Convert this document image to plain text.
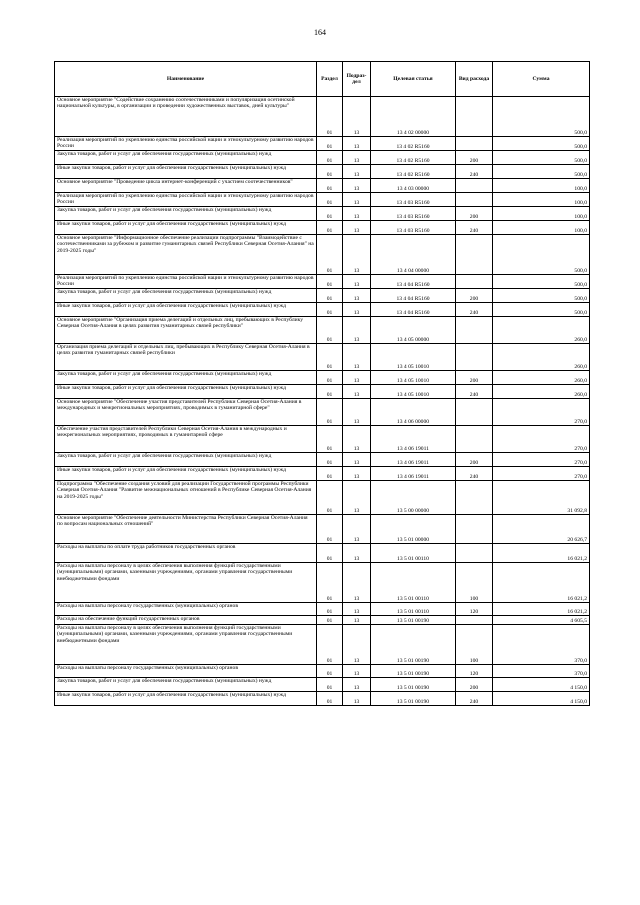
164
Наименование	Раздел	Подраз-дел	Целевая статья	Вид расхода	Сумма
Основное мероприятие "Содействие сохранению соотечественниками и популяризация осетинской национальной культуры, в организации и проведении художественных выставок, дней культуры"	01	13	13 4 02 00000		500,0
Реализация мероприятий по укреплению единства российской нации и этнокультурному развитию народов России	01	13	13 4 02 R5160		500,0
Закупка товаров, работ и услуг для обеспечения государственных (муниципальных) нужд	01	13	13 4 02 R5160	200	500,0
Иные закупки товаров, работ и услуг для обеспечения государственных (муниципальных) нужд	01	13	13 4 02 R5160	240	500,0
Основное мероприятие "Проведение цикла интернет-конференций с участием соотечественников"	01	13	13 4 03 00000		100,0
Реализация мероприятий по укреплению единства российской нации и этнокультурному развитию народов России	01	13	13 4 03 R5160		100,0
Закупка товаров, работ и услуг для обеспечения государственных (муниципальных) нужд	01	13	13 4 03 R5160	200	100,0
Иные закупки товаров, работ и услуг для обеспечения государственных (муниципальных) нужд	01	13	13 4 03 R5160	240	100,0
Основное мероприятие "Информационное обеспечение реализации подпрограммы "Взаимодействие с соотечественниками за рубежом и развитие гуманитарных связей Республики Северная Осетия-Алания" на 2019-2025 годы"	01	13	13 4 04 00000		500,0
Реализация мероприятий по укреплению единства российской нации и этнокультурному развитию народов России	01	13	13 4 04 R5160		500,0
Закупка товаров, работ и услуг для обеспечения государственных (муниципальных) нужд	01	13	13 4 04 R5160	200	500,0
Иные закупки товаров, работ и услуг для обеспечения государственных (муниципальных) нужд	01	13	13 4 04 R5160	240	500,0
Основное мероприятие "Организация приема делегаций и отдельных лиц, пребывающих в Республику Северная Осетия-Алания в целях развития гуманитарных связей республики"	01	13	13 4 05 00000		260,0
Организация приема делегаций и отдельных лиц, пребывающих в Республику Северная Осетия-Алания в целях развития гуманитарных связей республики	01	13	13 4 05 10010		260,0
Закупка товаров, работ и услуг для обеспечения государственных (муниципальных) нужд	01	13	13 4 05 10010	200	260,0
Иные закупки товаров, работ и услуг для обеспечения государственных (муниципальных) нужд	01	13	13 4 05 10010	240	260,0
Основное мероприятие "Обеспечение участия представителей Республики Северная Осетия-Алания в международных и межрегиональных мероприятиях, проводимых в гуманитарной сфере"	01	13	13 4 06 00000		270,0
Обеспечение участия представителей Республики Северная Осетия-Алания в международных и межрегиональных мероприятиях, проводимых в гуманитарной сфере	01	13	13 4 06 19011		270,0
Закупка товаров, работ и услуг для обеспечения государственных (муниципальных) нужд	01	13	13 4 06 19011	200	270,0
Иные закупки товаров, работ и услуг для обеспечения государственных (муниципальных) нужд	01	13	13 4 06 19011	240	270,0
Подпрограмма "Обеспечение создания условий для реализации Государственной программы Республики Северная Осетия-Алания "Развитие межнациональных отношений в Республике Северная Осетия-Алания на 2019-2025 годы"	01	13	13 5 00 00000		31 092,8
Основное мероприятие "Обеспечение деятельности Министерства Республики Северная Осетия-Алания по вопросам национальных отношений"	01	13	13 5 01 00000		20 626,7
Расходы на выплаты по оплате труда работников государственных органов	01	13	13 5 01 00110		16 021,2
Расходы на выплаты персоналу в целях обеспечения выполнения функций государственными (муниципальными) органами, казенными учреждениями, органами управления государственными внебюджетными фондами	01	13	13 5 01 00110	100	16 021,2
Расходы на выплаты персоналу государственных (муниципальных) органов	01	13	13 5 01 00110	120	16 021,2
Расходы на обеспечение функций государственных органов	01	13	13 5 01 00190		4 605,5
Расходы на выплаты персоналу в целях обеспечения выполнения функций государственными (муниципальными) органами, казенными учреждениями, органами управления государственными внебюджетными фондами	01	13	13 5 01 00190	100	370,0
Расходы на выплаты персоналу государственных (муниципальных) органов	01	13	13 5 01 00190	120	370,0
Закупка товаров, работ и услуг для обеспечения государственных (муниципальных) нужд	01	13	13 5 01 00190	200	4 150,0
Иные закупки товаров, работ и услуг для обеспечения государственных (муниципальных) нужд	01	13	13 5 01 00190	240	4 150,0
